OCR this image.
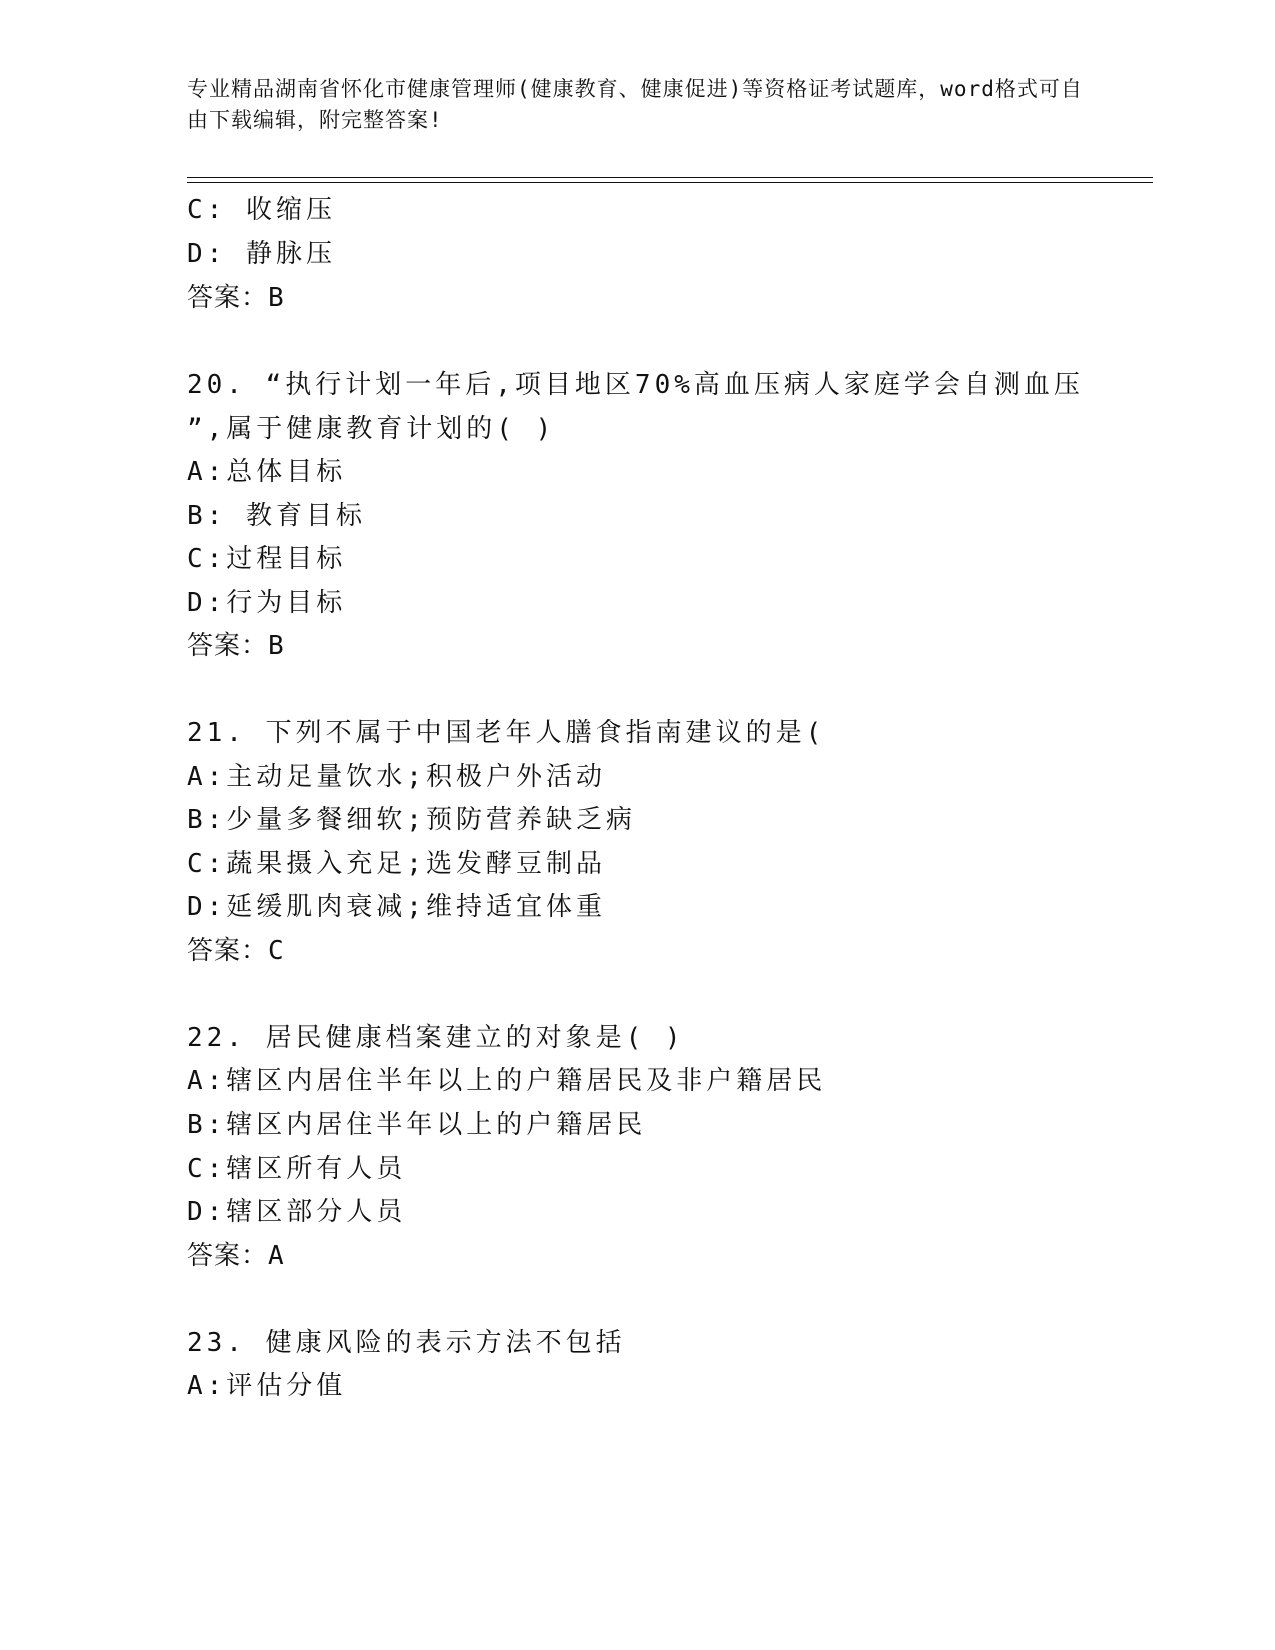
专业精品湖南省怀化市健康管理师(健康教育、健康促进)等资格证考试题库，word格式可自由下载编辑，附完整答案!
C: 收缩压
D: 静脉压
答案：B
20. “执行计划一年后,项目地区70%高血压病人家庭学会自测血压
”,属于健康教育计划的( )
A:总体目标
B: 教育目标
C:过程目标
D:行为目标
答案：B
21. 下列不属于中国老年人膳食指南建议的是(
A:主动足量饮水;积极户外活动
B:少量多餐细软;预防营养缺乏病
C:蔬果摄入充足;选发酵豆制品
D:延缓肌肉衰减;维持适宜体重
答案：C
22. 居民健康档案建立的对象是( )
A:辖区内居住半年以上的户籍居民及非户籍居民
B:辖区内居住半年以上的户籍居民
C:辖区所有人员
D:辖区部分人员
答案：A
23. 健康风险的表示方法不包括
A:评估分值
